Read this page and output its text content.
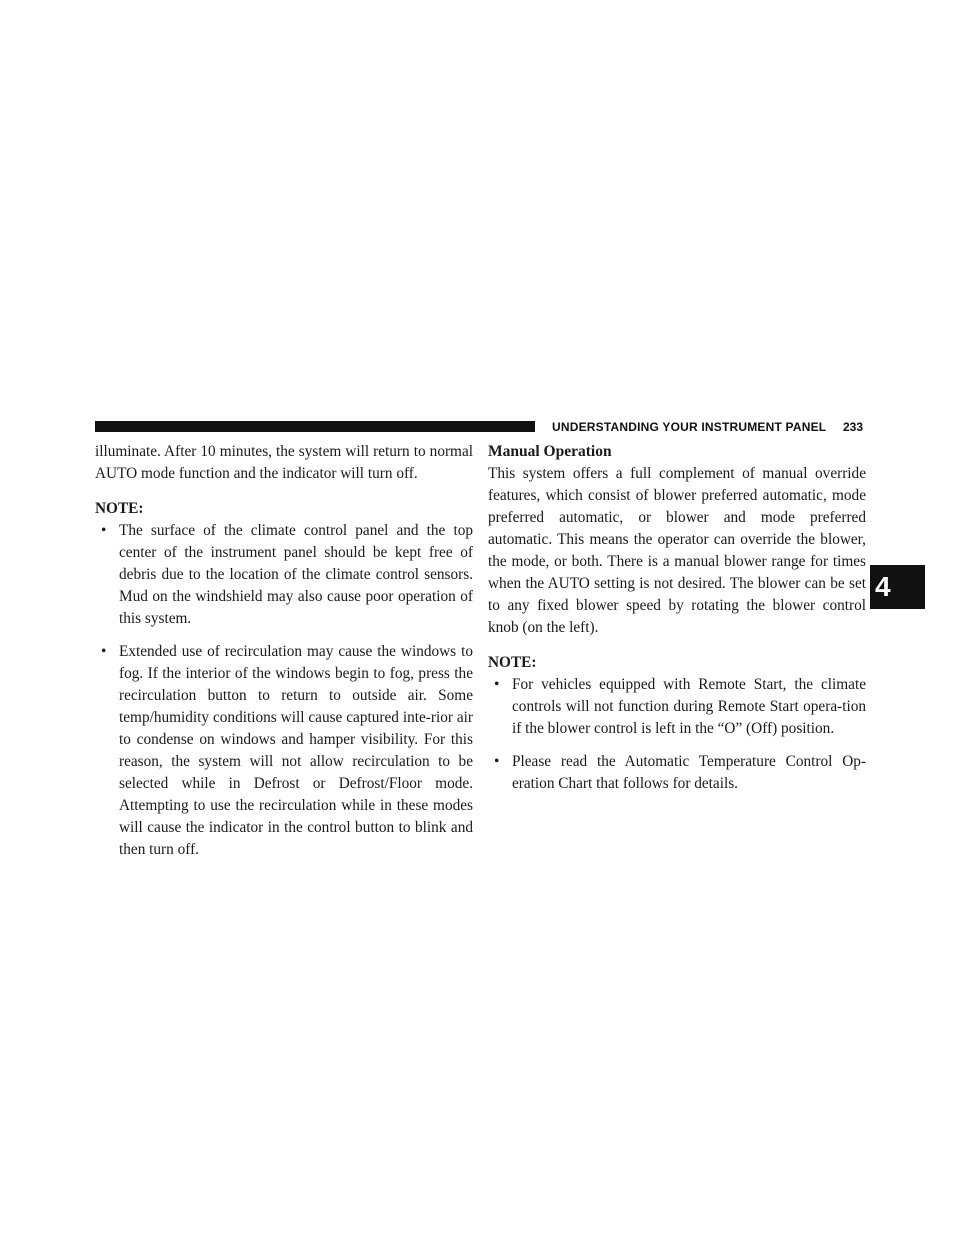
UNDERSTANDING YOUR INSTRUMENT PANEL 233

illuminate. After 10 minutes, the system will return to normal AUTO mode function and the indicator will turn off.

NOTE:

• The surface of the climate control panel and the top center of the instrument panel should be kept free of debris due to the location of the climate control sensors. Mud on the windshield may also cause poor operation of this system.
• Extended use of recirculation may cause the windows to fog. If the interior of the windows begin to fog, press the recirculation button to return to outside air. Some temp/humidity conditions will cause captured inte-rior air to condense on windows and hamper visibility. For this reason, the system will not allow recirculation to be selected while in Defrost or Defrost/Floor mode. Attempting to use the recirculation while in these modes will cause the indicator in the control button to blink and then turn off.

Manual Operation

This system offers a full complement of manual override features, which consist of blower preferred automatic, mode preferred automatic, or blower and mode preferred automatic. This means the operator can override the blower, the mode, or both. There is a manual blower range for times when the AUTO setting is not desired. The blower can be set to any fixed blower speed by rotating the blower control knob (on the left).

NOTE:

• For vehicles equipped with Remote Start, the climate controls will not function during Remote Start opera-tion if the blower control is left in the “O” (Off) position.
• Please read the Automatic Temperature Control Op-eration Chart that follows for details.
4
